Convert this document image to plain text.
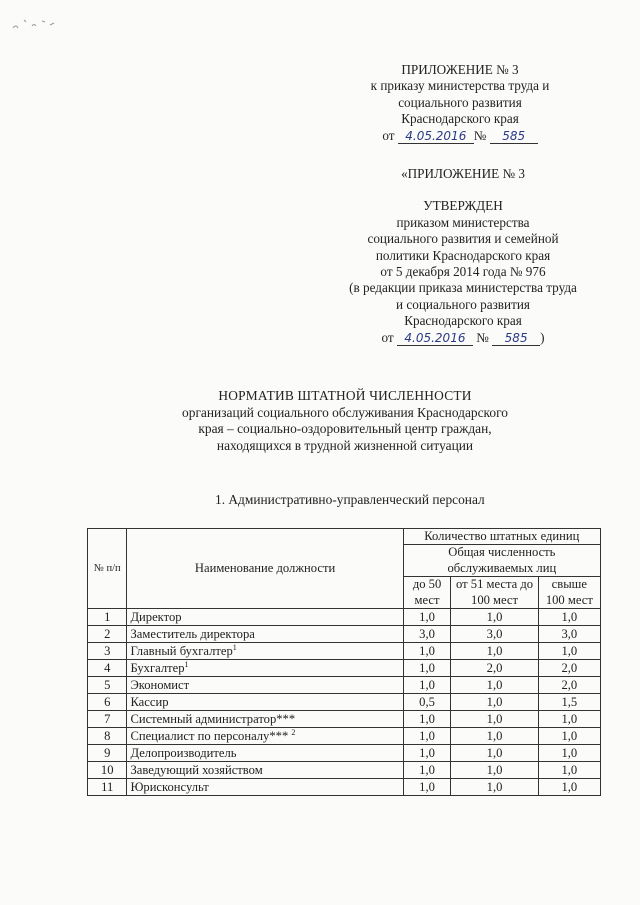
ПРИЛОЖЕНИЕ № 3
к приказу министерства труда и
социального развития
Краснодарского края
от 4.05.2016 № 585
«ПРИЛОЖЕНИЕ № 3
УТВЕРЖДЕН
приказом министерства
социального развития и семейной
политики Краснодарского края
от 5 декабря 2014 года № 976
(в редакции приказа министерства труда
и социального развития
Краснодарского края
от 4.05.2016 № 585 )
НОРМАТИВ ШТАТНОЙ ЧИСЛЕННОСТИ
организаций социального обслуживания Краснодарского
края – социально-оздоровительный центр граждан,
находящихся в трудной жизненной ситуации
1. Административно-управленческий персонал
№ п/п	Наименование должности	Количество штатных единиц		
		Общая численность обслуживаемых лиц		
		до 50 мест	от 51 места до 100 мест	свыше 100 мест
1	Директор	1,0	1,0	1,0
2	Заместитель директора	3,0	3,0	3,0
3	Главный бухгалтер$^1$	1,0	1,0	1,0
4	Бухгалтер$^1$	1,0	2,0	2,0
5	Экономист	1,0	1,0	2,0
6	Кассир	0,5	1,0	1,5
7	Системный администратор***	1,0	1,0	1,0
8	Специалист по персоналу*** $^2$	1,0	1,0	1,0
9	Делопроизводитель	1,0	1,0	1,0
10	Заведующий хозяйством	1,0	1,0	1,0
11	Юрисконсульт	1,0	1,0	1,0
